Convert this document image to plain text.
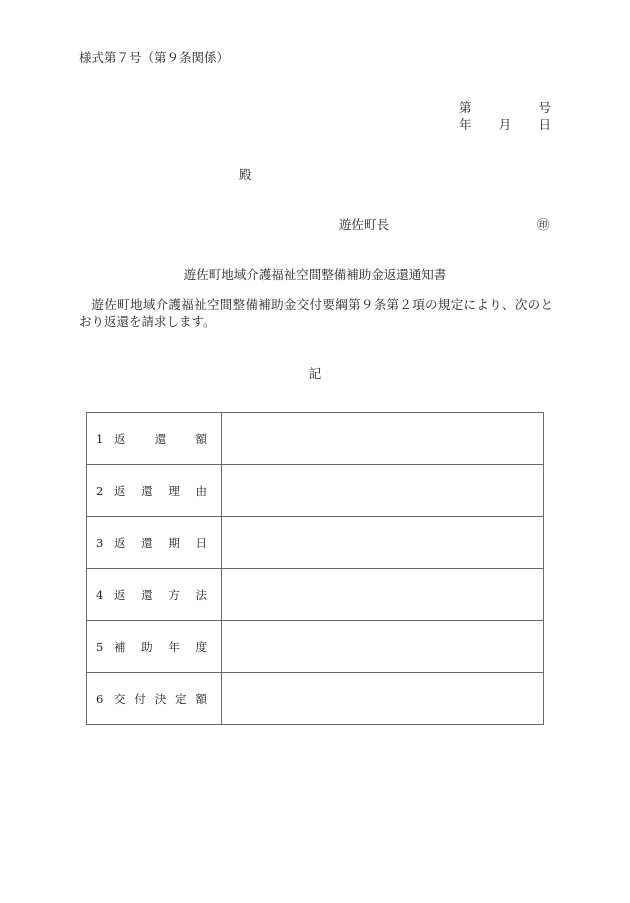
様式第７号（第９条関係）
第	号
年 月 日
殿
遊佐町長	㊞
遊佐町地域介護福祉空間整備補助金返還通知書
遊佐町地域介護福祉空間整備補助金交付要綱第９条第２項の規定により、次のとおり返還を請求します。
記
1 返 還 額	

2 返 還 理 由	

3 返 還 期 日	

4 返 還 方 法	

5 補 助 年 度	

6 交 付 決 定 額
